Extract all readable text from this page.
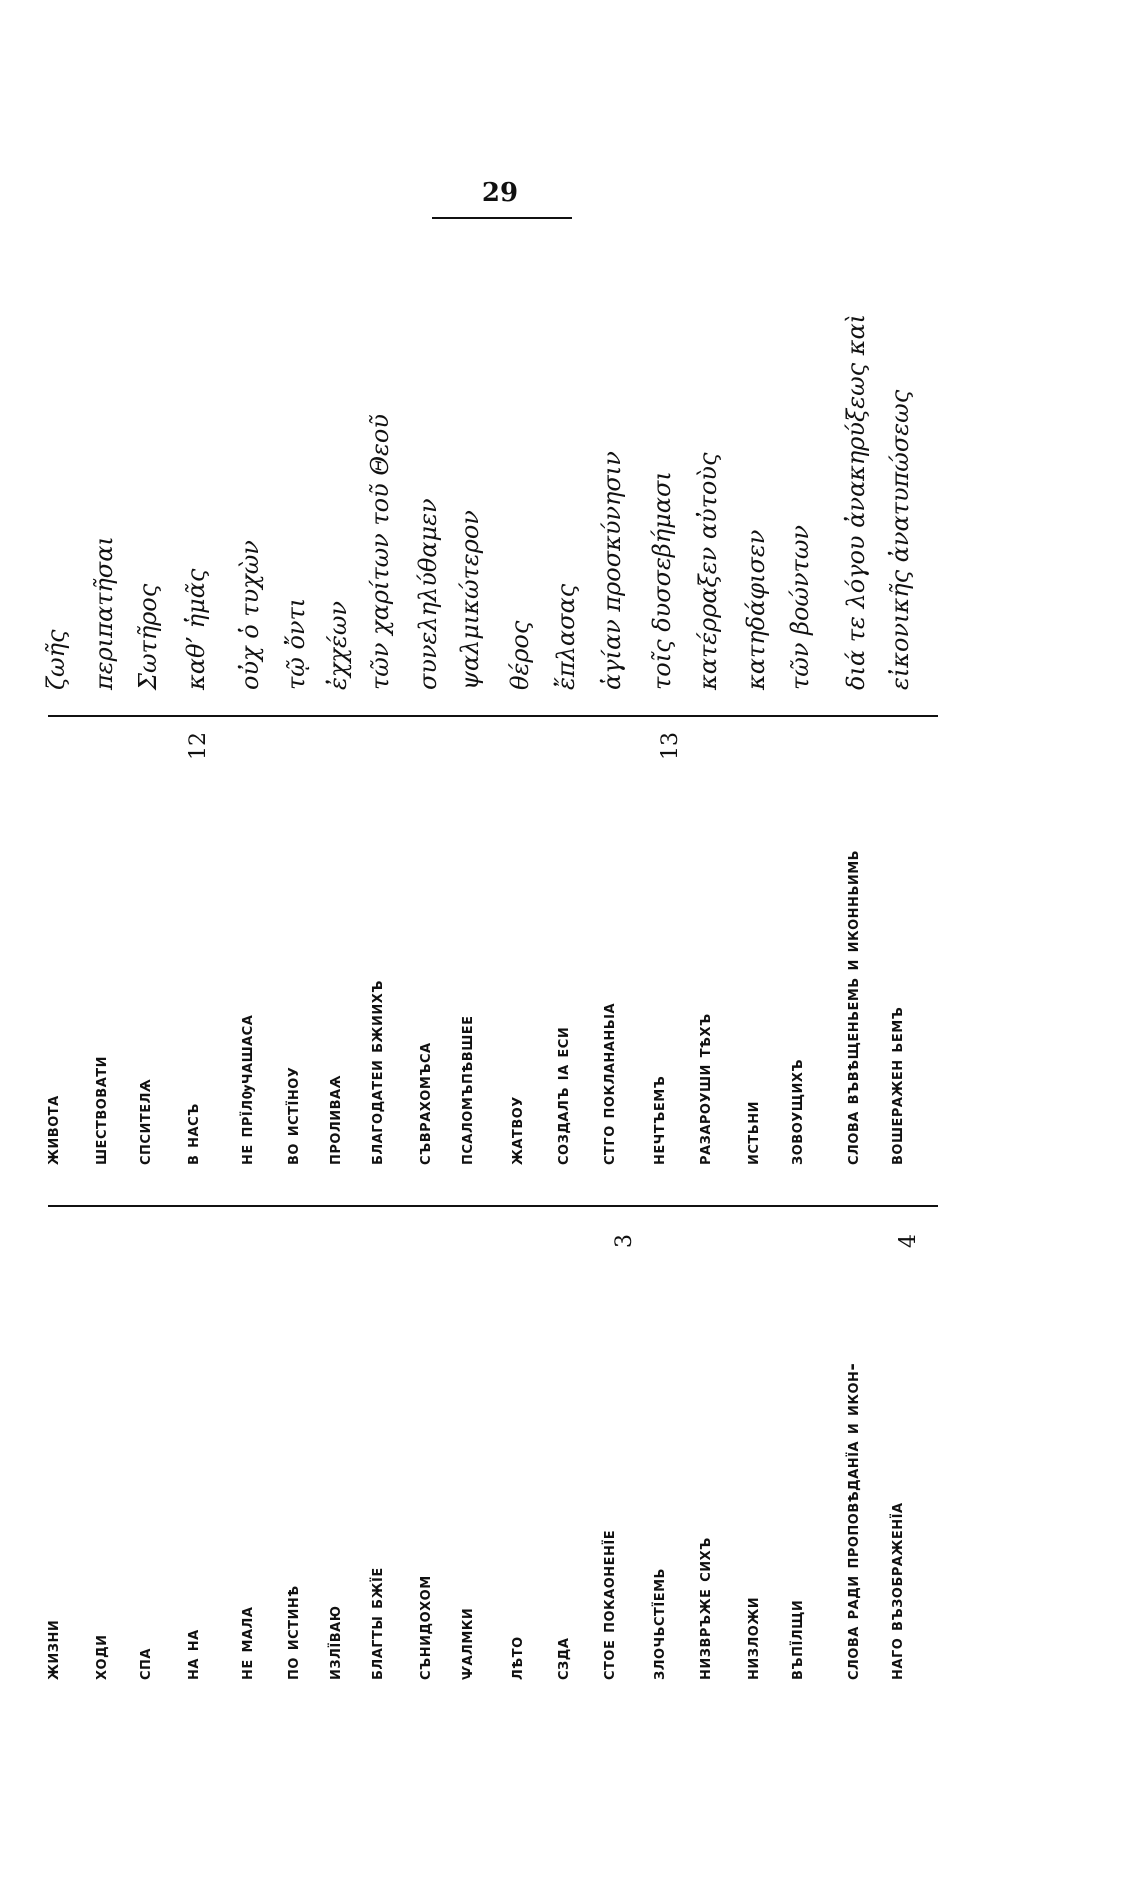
29
жизни ходи спа на на не мала по истинѣ излїваю благты бжїе сънидохом ѱалмки лѣто сзда стое покаоненїе злочьстїемь низвръже сихъ низложи въпїлщи слова ради проповѣданїа и икон- наго възображенїа
живота шествовати спсителѧ в насъ не прїлѹчашаса во истїноу проливаѧ благодатеи бжиихъ съврахомъса псаломъпѣвшее жатвоу создалъ ıа еси стго поклананьıа нечтъемъ разароуши тѣхъ истьни зовоущихъ слова въвѣщеньемь и иконньимь вошеражен ьемъ
ζωῆς περιπατῆσαι Σωτῆρος καθ’ ἡμᾶς οὐχ ὁ τυχὼν τῷ ὄντι ἐχχέων τῶν χαρίτων τοῦ Θεοῦ συνεληλύθαμεν ψαλμικώτερον θέρος ἔπλασας ἁγίαν προσκύνησιν τοῖς δυσσεβήμασι κατέρραξεν αὐτοὺς κατηδάφισεν τῶν βοώντων διά τε λόγου ἀνακηρύξεως καὶ εἰκονικῆς ἀνατυπώσεως
3	4
12	13
